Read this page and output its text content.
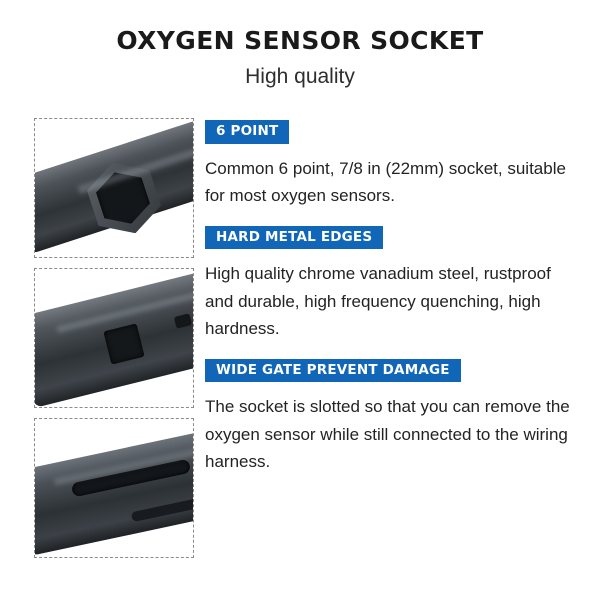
OXYGEN SENSOR SOCKET
High quality
6 POINT

Common 6 point, 7/8 in (22mm) socket, suitable for most oxygen sensors.

HARD METAL EDGES

High quality chrome vanadium steel, rustproof and durable, high frequency quenching, high hardness.

WIDE GATE PREVENT DAMAGE

The socket is slotted so that you can remove the oxygen sensor while still connected to the wiring harness.
